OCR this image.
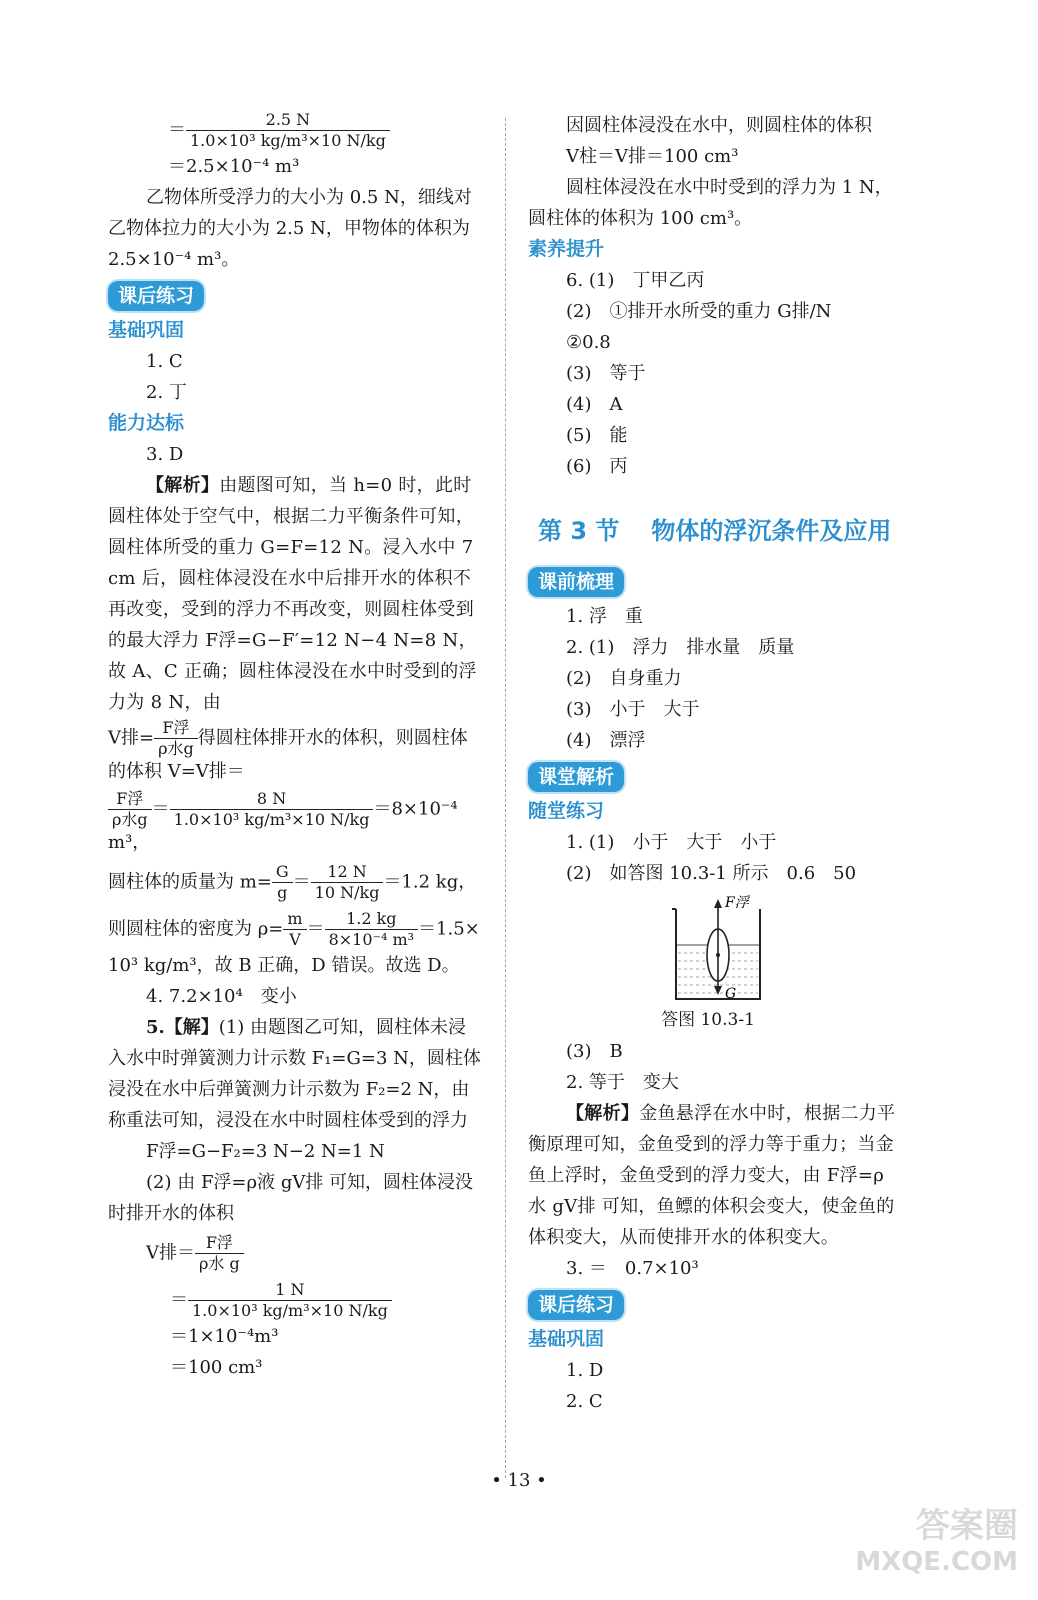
＝ $\frac{2.5 N}{\text{1.0×10³ kg/m³×10 N/kg}}$

＝2.5×10⁻⁴ m³

乙物体所受浮力的大小为 0.5 N，细线对乙物体拉力的大小为 2.5 N，甲物体的体积为 2.5×10⁻⁴ m³。

课后练习

基础巩固

1. C

2. 丁

能力达标

3. D

【解析】由题图可知，当 h=0 时，此时圆柱体处于空气中，根据二力平衡条件可知，圆柱体所受的重力 G=F=12 N。浸入水中 7 cm 后，圆柱体浸没在水中后排开水的体积不再改变，受到的浮力不再改变，则圆柱体受到的最大浮力 F浮=G−F′=12 N−4 N=8 N，故 A、C 正确；圆柱体浸没在水中时受到的浮力为 8 N，由

V排= $\frac{\text{F浮}}{\text{ρ水g}}$ 得圆柱体排开水的体积，则圆柱体的体积 V=V排＝

$\frac{\text{F浮}}{\text{ρ水g}} = \frac{8 N}{\text{1.0×10³ kg/m³×10 N/kg}} =8\times 10^{-4}$ m³，

圆柱体的质量为 $m= \frac{G}{g} = \frac{12 N}{10 N/kg} =1.2$ kg，

则圆柱体的密度为 $\rho= \frac{m}{V} = \frac{1.2 kg}{\text{8×10⁻⁴ m³}} =1.5\times$

10³ kg/m³，故 B 正确，D 错误。故选 D。

4. 7.2×10⁴　变小

5.【解】(1) 由题图乙可知，圆柱体未浸入水中时弹簧测力计示数 F₁=G=3 N，圆柱体浸没在水中后弹簧测力计示数为 F₂=2 N，由称重法可知，浸没在水中时圆柱体受到的浮力

F浮=G−F₂=3 N−2 N=1 N

(2) 由 F浮=ρ液 gV排 可知，圆柱体浸没时排开水的体积

V排＝ $\frac{\text{F浮}}{\text{ρ水 g}}$

＝ $\frac{1 N}{\text{1.0×10³ kg/m³×10 N/kg}}$

＝1×10⁻⁴m³

＝100 cm³

因圆柱体浸没在水中，则圆柱体的体积

V柱＝V排＝100 cm³

圆柱体浸没在水中时受到的浮力为 1 N，圆柱体的体积为 100 cm³。

素养提升

6. (1)　丁甲乙丙

(2)　①排开水所受的重力 G排/N

②0.8

(3)　等于

(4)　A

(5)　能

(6)　丙

第 3 节 物体的浮沉条件及应用
课前梳理

1. 浮　重

2. (1)　浮力　排水量　质量

(2)　自身重力

(3)　小于　大于

(4)　漂浮

课堂解析

随堂练习

1. (1)　小于　大于　小于

(2)　如答图 10.3-1 所示　0.6　50

F浮
G

答图 10.3-1

(3)　B

2. 等于　变大

【解析】金鱼悬浮在水中时，根据二力平衡原理可知，金鱼受到的浮力等于重力；当金鱼上浮时，金鱼受到的浮力变大，由 F浮=ρ水 gV排 可知，鱼鳔的体积会变大，使金鱼的体积变大，从而使排开水的体积变大。

3. ＝　0.7×10³

课后练习

基础巩固

1. D

2. C

• 13 •
答案圈
MXQE.COM
